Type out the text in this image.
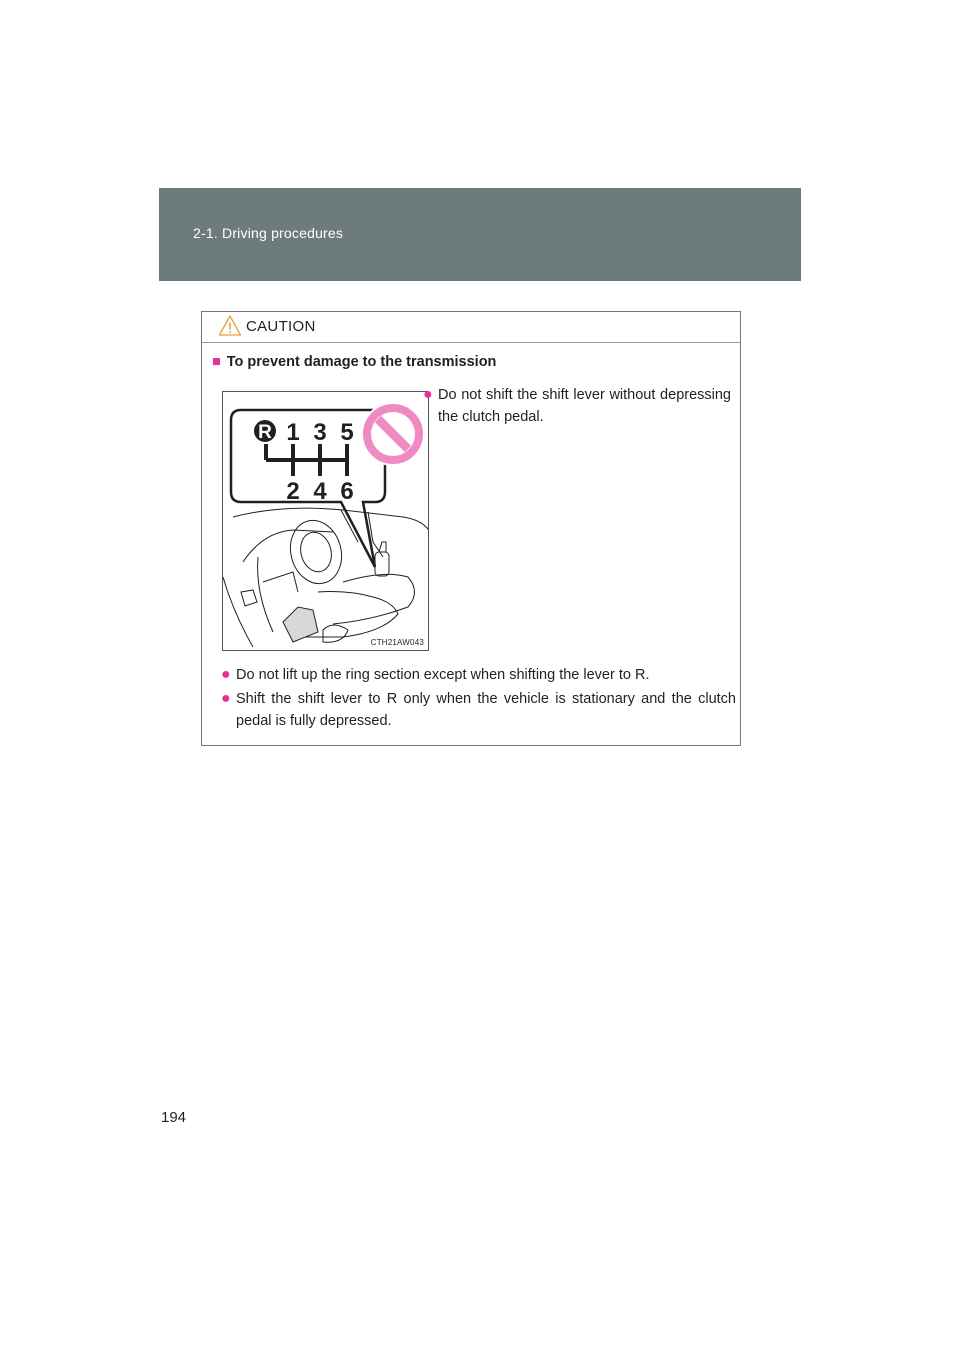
2-1. Driving procedures
CAUTION
■ To prevent damage to the transmission
R 1 3 5
2 4 6
CTH21AW043
● Do not shift the shift lever without depressing the clutch pedal.
● Do not lift up the ring section except when shifting the lever to R.
● Shift the shift lever to R only when the vehicle is stationary and the clutch pedal is fully depressed.
194
